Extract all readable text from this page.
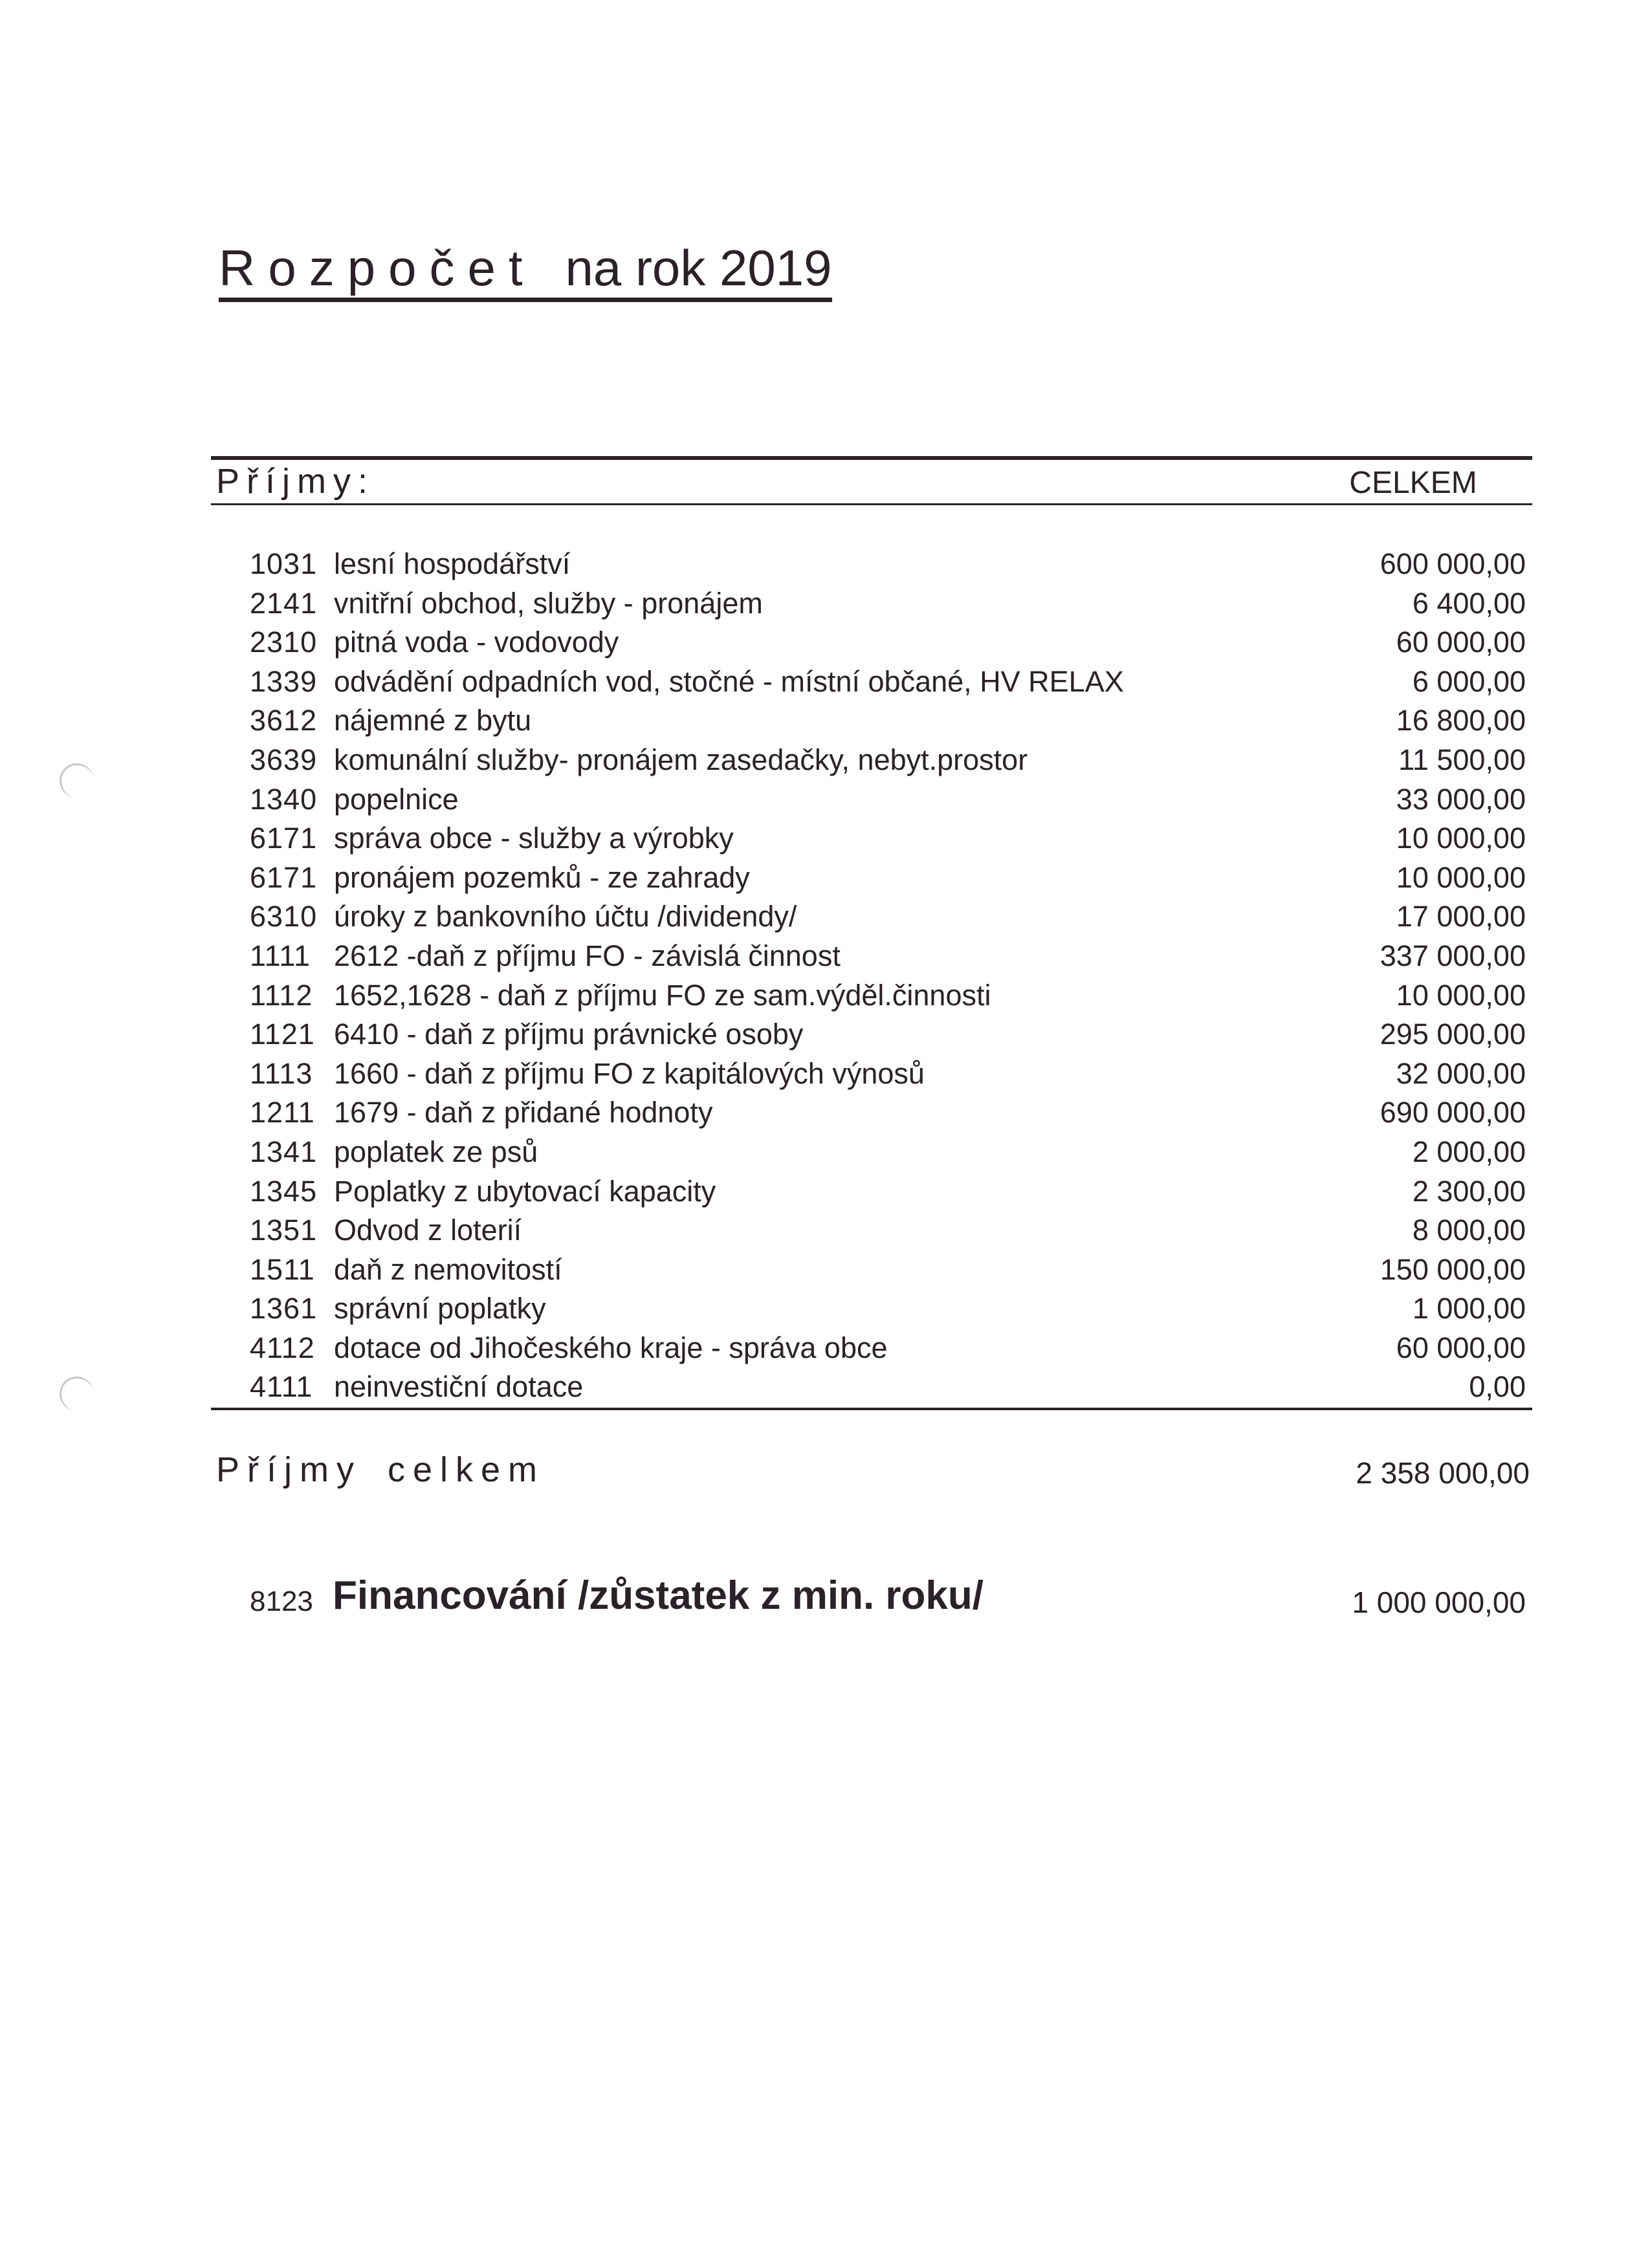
Rozpočet na rok 2019
Příjmy:	CELKEM
1031 lesní hospodářství	600 000,00
2141 vnitřní obchod, služby - pronájem	6 400,00
2310 pitná voda - vodovody	60 000,00
1339 odvádění odpadních vod, stočné - místní občané, HV RELAX	6 000,00
3612 nájemné z bytu	16 800,00
3639 komunální služby- pronájem zasedačky, nebyt.prostor	11 500,00
1340 popelnice	33 000,00
6171 správa obce - služby a výrobky	10 000,00
6171 pronájem pozemků - ze zahrady	10 000,00
6310 úroky z bankovního účtu /dividendy/	17 000,00
1111 2612 -daň z příjmu FO - závislá činnost	337 000,00
1112 1652,1628 - daň z příjmu FO ze sam.výděl.činnosti	10 000,00
1121 6410 - daň z příjmu právnické osoby	295 000,00
1113 1660 - daň z příjmu FO z kapitálových výnosů	32 000,00
1211 1679 - daň z přidané hodnoty	690 000,00
1341 poplatek ze psů	2 000,00
1345 Poplatky z ubytovací kapacity	2 300,00
1351 Odvod z loterií	8 000,00
1511 daň z nemovitostí	150 000,00
1361 správní poplatky	1 000,00
4112 dotace od Jihočeského kraje - správa obce	60 000,00
4111 neinvestiční dotace	0,00
Příjmy celkem	2 358 000,00
8123 Financování /zůstatek z min. roku/	1 000 000,00
